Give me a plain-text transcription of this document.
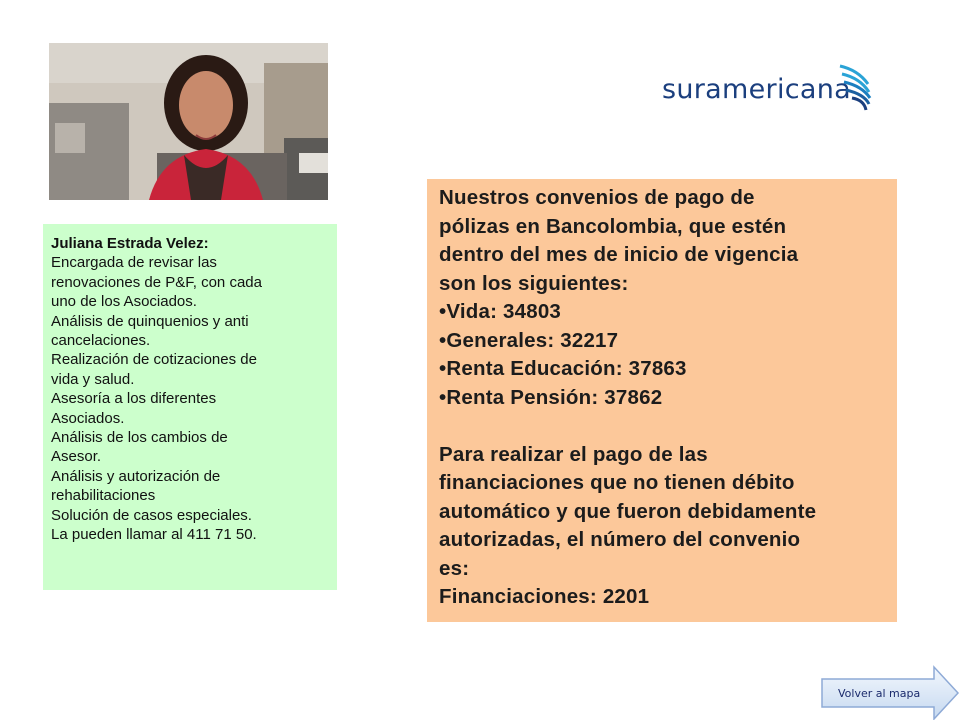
suramericana
Juliana Estrada Velez:
Encargada de revisar las
renovaciones de P&F, con cada
uno de los Asociados.
Análisis de quinquenios y anti
cancelaciones.
Realización de cotizaciones de
vida y salud.
Asesoría a los diferentes
Asociados.
Análisis de los cambios de
Asesor.
Análisis y autorización de
rehabilitaciones
Solución de casos especiales.
La pueden llamar al 411 71 50.
Nuestros convenios de pago de
pólizas en Bancolombia, que estén
dentro del mes de inicio de vigencia
son los siguientes:
•Vida: 34803
•Generales: 32217
•Renta Educación: 37863
•Renta Pensión: 37862
Para realizar el pago de las
financiaciones que no tienen débito
automático y que fueron debidamente
autorizadas, el número del convenio
es:
Financiaciones: 2201
Volver al mapa
